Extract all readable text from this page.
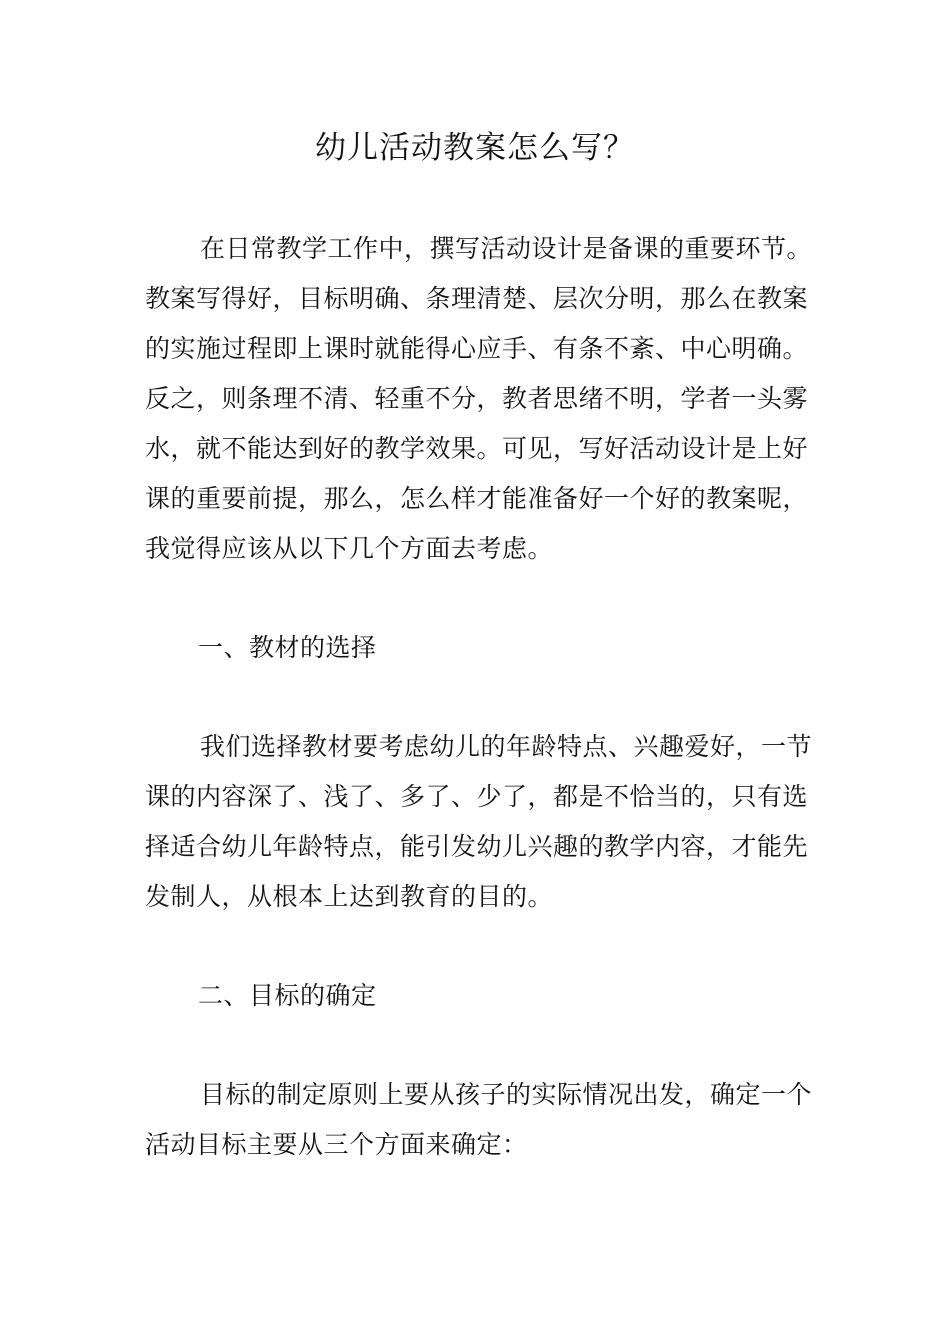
幼儿活动教案怎么写？

在日常教学工作中，撰写活动设计是备课的重要环节。教案写得好，目标明确、条理清楚、层次分明，那么在教案的实施过程即上课时就能得心应手、有条不紊、中心明确。反之，则条理不清、轻重不分，教者思绪不明，学者一头雾水，就不能达到好的教学效果。可见，写好活动设计是上好课的重要前提，那么，怎么样才能准备好一个好的教案呢，我觉得应该从以下几个方面去考虑。

一、教材的选择

我们选择教材要考虑幼儿的年龄特点、兴趣爱好，一节课的内容深了、浅了、多了、少了，都是不恰当的，只有选择适合幼儿年龄特点，能引发幼儿兴趣的教学内容，才能先发制人，从根本上达到教育的目的。

二、目标的确定

目标的制定原则上要从孩子的实际情况出发，确定一个活动目标主要从三个方面来确定：
